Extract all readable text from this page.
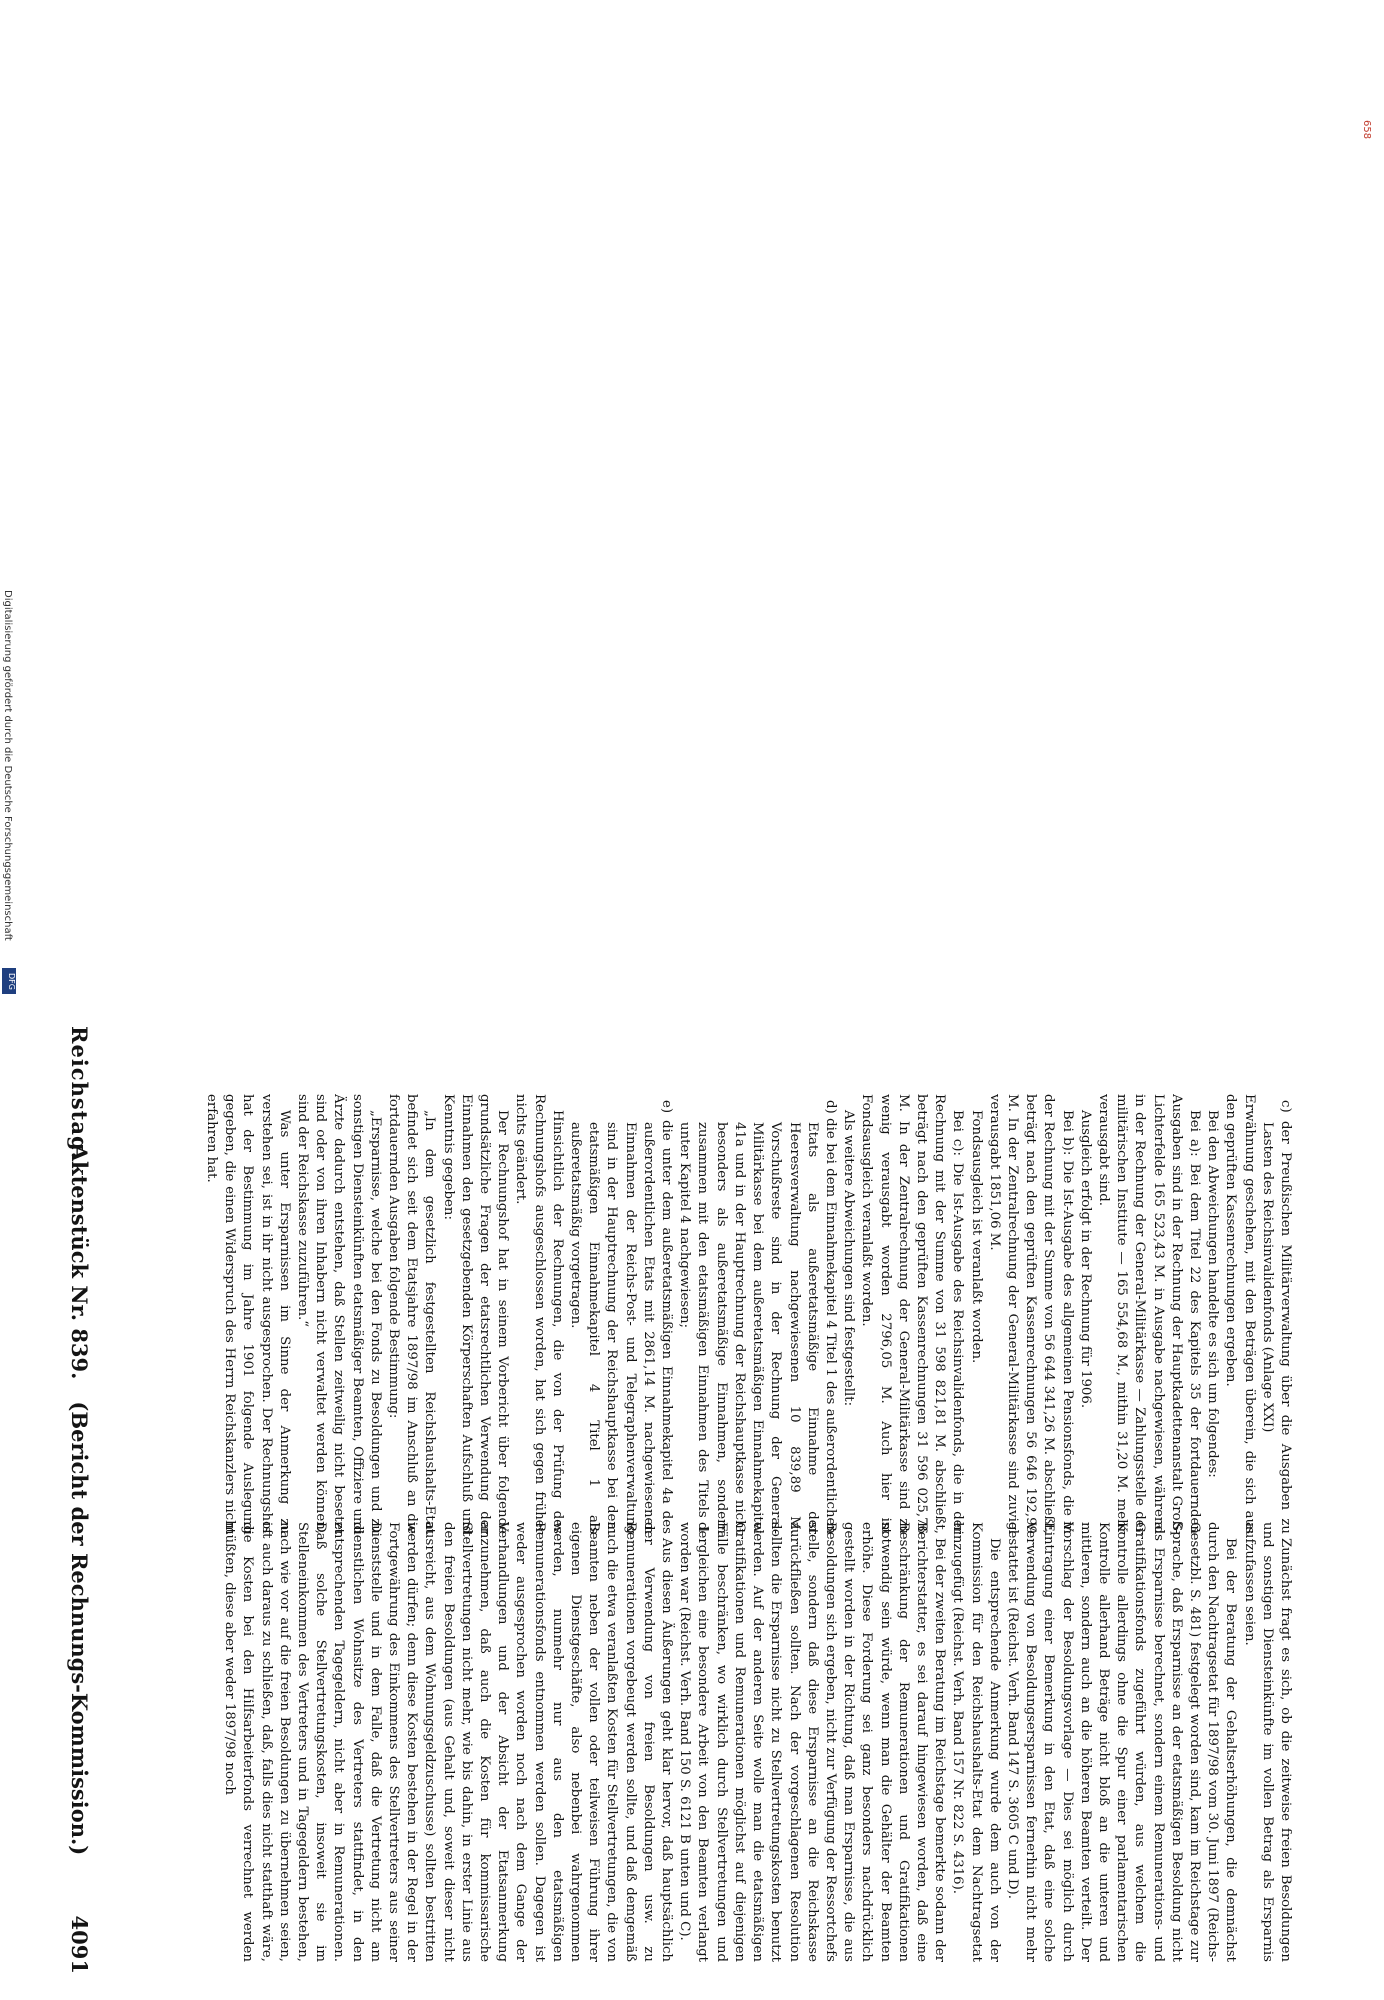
Reichstag.
Aktenstück Nr. 839.   (Bericht der Rechnungs-Kommission.)
4091

c) der Preußischen Militärverwaltung über die Ausgaben zu Lasten des Reichsinvalidenfonds (Anlage XXI)

Erwähnung geschehen, mit den Beträgen überein, die sich aus den geprüften Kassenrechnungen ergeben.

Bei den Abweichungen handelte es sich um folgendes:

Bei a): Bei dem Titel 22 des Kapitels 35 der fortdauernden Ausgaben sind in der Rechnung der Hauptkadettenanstalt Groß-Lichterfelde 165 523,43 M. in Ausgabe nachgewiesen, während in der Rechnung der General-Militärkasse — Zahlungsstelle der militärischen Institute — 165 554,68 M., mithin 31,20 M. mehr verausgabt sind.

Ausgleich erfolgt in der Rechnung für 1906.

Bei b): Die Ist-Ausgabe des allgemeinen Pensionsfonds, die in der Rechnung mit der Summe von 56 644 341,26 M. abschließt, beträgt nach den geprüften Kassenrechnungen 56 646 192,99 M. In der Zentralrechnung der General-Militärkasse sind zuviel verausgabt 1851,06 M.

Fondsausgleich ist veranlaßt worden.

Bei c): Die Ist-Ausgabe des Reichsinvalidenfonds, die in der Rechnung mit der Summe von 31 598 821,81 M. abschließt, beträgt nach den geprüften Kassenrechnungen 31 596 025,76 M. In der Zentralrechnung der General-Militärkasse sind zu wenig verausgabt worden 2796,05 M. Auch hier ist Fondsausgleich veranlaßt worden.

Als weitere Abweichungen sind festgestellt:

d) die bei dem Einnahmekapitel 4 Titel 1 des außerordentlichen Etats als außeretatsmäßige Einnahme der Heeresverwaltung nachgewiesenen 10 839,89 M. Vorschußreste sind in der Rechnung der General-Militärkasse bei dem außeretatsmäßigen Einnahmekapitel 41a und in der Hauptrechnung der Reichshauptkasse nicht besonders als außeretatsmäßige Einnahmen, sondern zusammen mit den etatsmäßigen Einnahmen des Titels 1 unter Kapitel 4 nachgewiesen;

e) die unter dem außeretatsmäßigen Einnahmekapitel 4a des außerordentlichen Etats mit 2861,14 M. nachgewiesenen Einnahmen der Reichs-Post- und Telegraphenverwaltung sind in der Hauptrechnung der Reichshauptkasse bei dem etatsmäßigen Einnahmekapitel 4 Titel 1 als außeretatsmäßig vorgetragen.

Hinsichtlich der Rechnungen, die von der Prüfung des Rechnungshofs ausgeschlossen worden, hat sich gegen früher nichts geändert.

Der Rechnungshof hat in seinem Vorbericht über folgende grundsätzliche Fragen der etatsrechtlichen Verwendung der Einnahmen den gesetzgebenden Körperschaften Aufschluß und Kenntnis gegeben:

„In dem gesetzlich festgestellten Reichshaushalts-Etat befindet sich seit dem Etatsjahre 1897/98 im Anschluß an die fortdauernden Ausgaben folgende Bestimmung:

„Ersparnisse, welche bei den Fonds zu Besoldungen und zu sonstigen Diensteinkünften etatsmäßiger Beamten, Offiziere und Ärzte dadurch entstehen, daß Stellen zeitweilig nicht besetzt sind oder von ihren Inhabern nicht verwaltet werden können, sind der Reichskasse zuzuführen.“

Was unter Ersparnissen im Sinne der Anmerkung zu verstehen sei, ist in ihr nicht ausgesprochen. Der Rechnungshof hat der Bestimmung im Jahre 1901 folgende Auslegung gegeben, die einen Widerspruch des Herrn Reichskanzlers nicht erfahren hat.

Zunächst fragt es sich, ob die zeitweise freien Besoldungen und sonstigen Diensteinkünfte im vollen Betrag als Ersparnis aufzufassen seien.

Bei der Beratung der Gehaltserhöhungen, die demnächst durch den Nachtragsetat für 1897/98 vom 30. Juni 1897 (Reichs-Gesetzbl. S. 481) festgelegt worden sind, kam im Reichstage zur Sprache, daß Ersparnisse an der etatsmäßigen Besoldung nicht als Ersparnisse berechnet, sondern einem Remunerations- und Gratifikationsfonds zugeführt würden, aus welchem die Kontrolle allerdings ohne die Spur einer parlamentarischen Kontrolle allerhand Beträge nicht bloß an die unteren und mittleren, sondern auch an die höheren Beamten verteilt. Der Vorschlag der Besoldungsvorlage — Dies sei möglich durch Eintragung einer Bemerkung in den Etat, daß eine solche Verwendung von Besoldungsersparnissen fernerhin nicht mehr gestattet ist (Reichst. Verh. Band 147 S. 3605 C und D).

Die entsprechende Anmerkung wurde dem auch von der Kommission für den Reichshaushalts-Etat dem Nachtragsetat hinzugefügt (Reichst. Verh. Band 157 Nr. 822 S. 4316).

Bei der zweiten Beratung im Reichstage bemerkte sodann der Berichterstatter, es sei darauf hingewiesen worden, daß eine Beschränkung der Remunerationen und Gratifikationen notwendig sein würde, wenn man die Gehälter der Beamten erhöhe. Diese Forderung sei ganz besonders nachdrücklich gestellt worden in der Richtung, daß man Ersparnisse, die aus Besoldungen sich ergeben, nicht zur Verfügung der Ressortchefs stelle, sondern daß diese Ersparnisse an die Reichskasse zurückfließen sollten. Nach der vorgeschlagenen Resolution sollten die Ersparnisse nicht zu Stellvertretungskosten benutzt werden. Auf der anderen Seite wolle man die etatsmäßigen Gratifikationen und Remunerationen möglichst auf diejenigen Fälle beschränken, wo wirklich durch Stellvertretungen und dergleichen eine besondere Arbeit von den Beamten verlangt worden war (Reichst. Verh. Band 150 S. 6121 B unten und C).

Aus diesen Äußerungen geht klar hervor, daß hauptsächlich der Verwendung von freien Besoldungen usw. zu Remunerationen vorgebeugt werden sollte, und daß demgemäß auch die etwa veranlaßten Kosten für Stellvertretungen, die von Beamten neben der vollen oder teilweisen Führung ihrer eigenen Dienstgeschäfte, also nebenbei wahrgenommen werden, nunmehr nur aus den etatsmäßigen Remunerationsfonds entnommen werden sollen. Dagegen ist weder ausgesprochen worden noch nach dem Gange der Verhandlungen und der Absicht der Etatsanmerkung anzunehmen, daß auch die Kosten für kommissarische Stellvertretungen nicht mehr, wie bis dahin, in erster Linie aus den freien Besoldungen (aus Gehalt und, soweit dieser nicht ausreicht, aus dem Wohnungsgeldzuschusse) sollten bestritten werden dürfen; denn diese Kosten bestehen in der Regel in der Fortgewährung des Einkommens des Stellvertreters aus seiner Dienststelle und in dem Falle, daß die Vertretung nicht am dienstlichen Wohnsitze des Vertreters stattfindet, in den entsprechenden Tagegeldern, nicht aber in Remunerationen. Daß solche Stellvertretungskosten, insoweit sie im Stelleneinkommen des Vertreters und in Tagegeldern bestehen, nach wie vor auf die freien Besoldungen zu übernehmen seien, ist auch daraus zu schließen, daß, falls dies nicht statthaft wäre, die Kosten bei den Hilfsarbeiterfonds verrechnet werden müßten, diese aber weder 1897/98 noch

658
Digitalisierung gefördert durch die Deutsche Forschungsgemeinschaft
DFG
